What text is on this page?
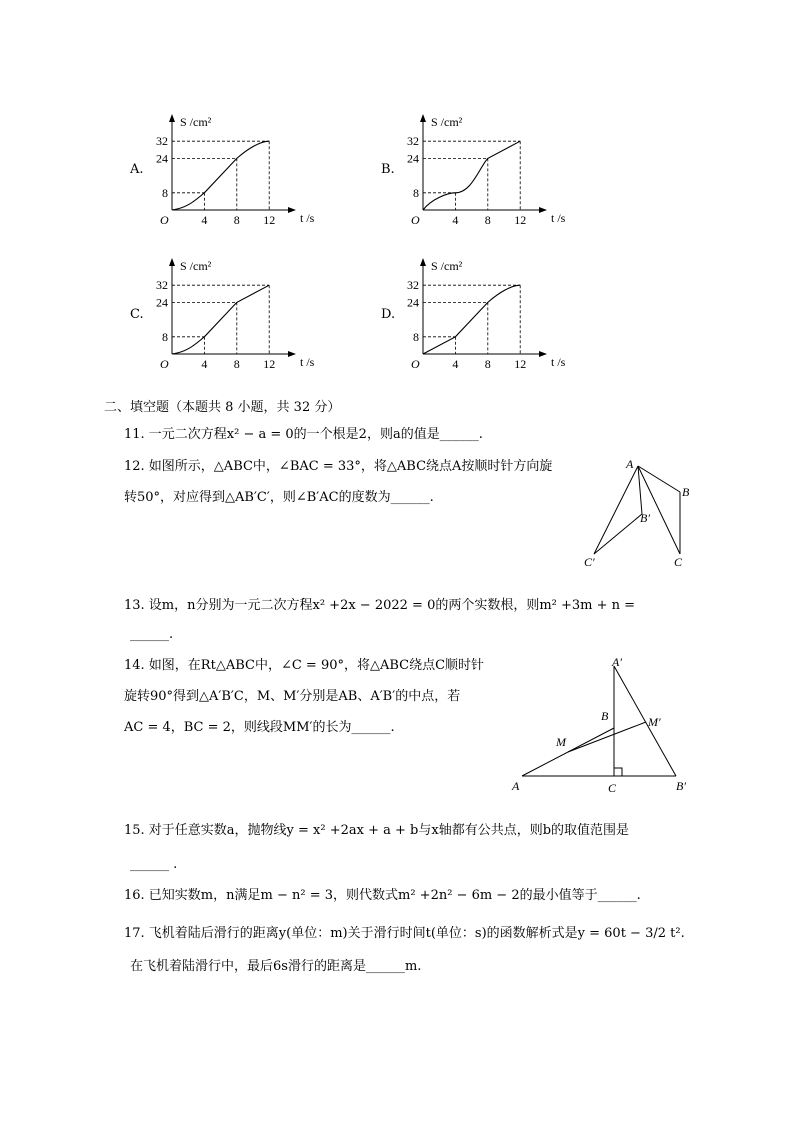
A.
32
24
8
4 8 12
O
S /cm²
t /s
B.
32
24
8
4 8 12
O
S /cm²
t /s
C.
32
24
8
4 8 12
O
S /cm²
t /s
D.
32
24
8
4 8 12
O
S /cm²
t /s
二、填空题（本题共 8 小题，共 32 分）
11. 一元二次方程x² − a = 0的一个根是2，则a的值是______.
12. 如图所示，△ABC中，∠BAC = 33°，将△ABC绕点A按顺时针方向旋
转50°，对应得到△AB′C′，则∠B′AC的度数为______.
A
B
B′
C′	C
13. 设m，n分别为一元二次方程x² +2x − 2022 = 0的两个实数根，则m² +3m + n =
______.
14. 如图，在Rt△ABC中，∠C = 90°，将△ABC绕点C顺时针
旋转90°得到△A′B′C，M、M′分别是AB、A′B′的中点，若
AC = 4，BC = 2，则线段MM′的长为______.
A′
B	M′
M
A	C	B′
15. 对于任意实数a，抛物线y = x² +2ax + a + b与x轴都有公共点，则b的取值范围是
______ .
16. 已知实数m，n满足m − n² = 3，则代数式m² +2n² − 6m − 2的最小值等于______.
17. 飞机着陆后滑行的距离y(单位：m)关于滑行时间t(单位：s)的函数解析式是y = 60t − 3/2 t².
在飞机着陆滑行中，最后6s滑行的距离是______m.
